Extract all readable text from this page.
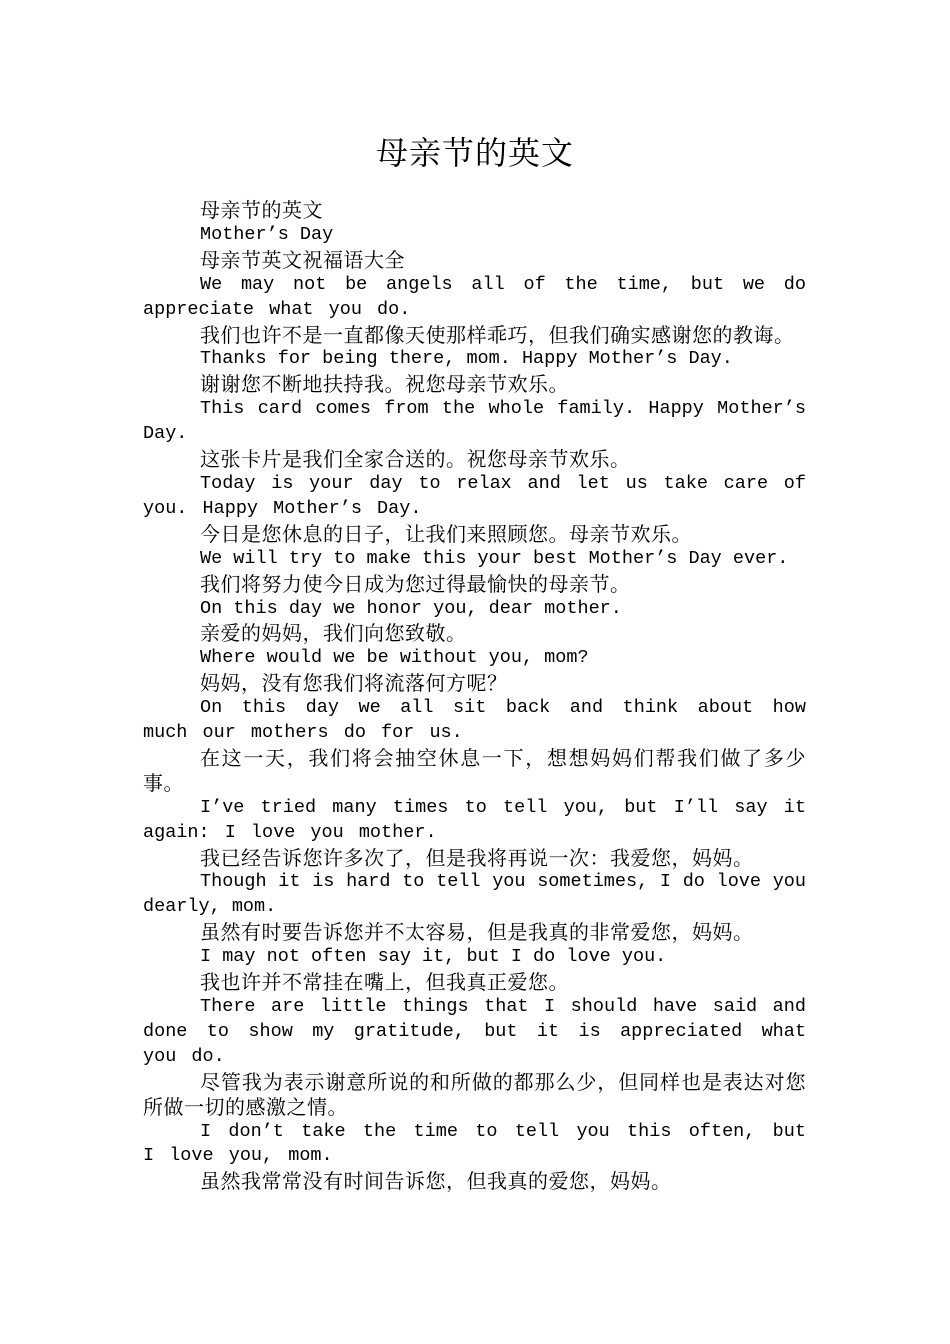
母亲节的英文

母亲节的英文

Mother’s Day

母亲节英文祝福语大全

We may not be angels all of the time, but we do appreciate what you do.

我们也许不是一直都像天使那样乖巧，但我们确实感谢您的教诲。

Thanks for being there, mom. Happy Mother’s Day.

谢谢您不断地扶持我。祝您母亲节欢乐。

This card comes from the whole family. Happy Mother’s Day.

这张卡片是我们全家合送的。祝您母亲节欢乐。

Today is your day to relax and let us take care of you. Happy Mother’s Day.

今日是您休息的日子，让我们来照顾您。母亲节欢乐。

We will try to make this your best Mother’s Day ever.

我们将努力使今日成为您过得最愉快的母亲节。

On this day we honor you, dear mother.

亲爱的妈妈，我们向您致敬。

Where would we be without you, mom?

妈妈，没有您我们将流落何方呢？

On this day we all sit back and think about how much our mothers do for us.

在这一天，我们将会抽空休息一下，想想妈妈们帮我们做了多少事。

I’ve tried many times to tell you, but I’ll say it again: I love you mother.

我已经告诉您许多次了，但是我将再说一次：我爱您，妈妈。

Though it is hard to tell you sometimes, I do love you dearly, mom.

虽然有时要告诉您并不太容易，但是我真的非常爱您，妈妈。

I may not often say it, but I do love you.

我也许并不常挂在嘴上，但我真正爱您。

There are little things that I should have said and done to show my gratitude, but it is appreciated what you do.

尽管我为表示谢意所说的和所做的都那么少，但同样也是表达对您所做一切的感激之情。

I don’t take the time to tell you this often, but I love you, mom.

虽然我常常没有时间告诉您，但我真的爱您，妈妈。
